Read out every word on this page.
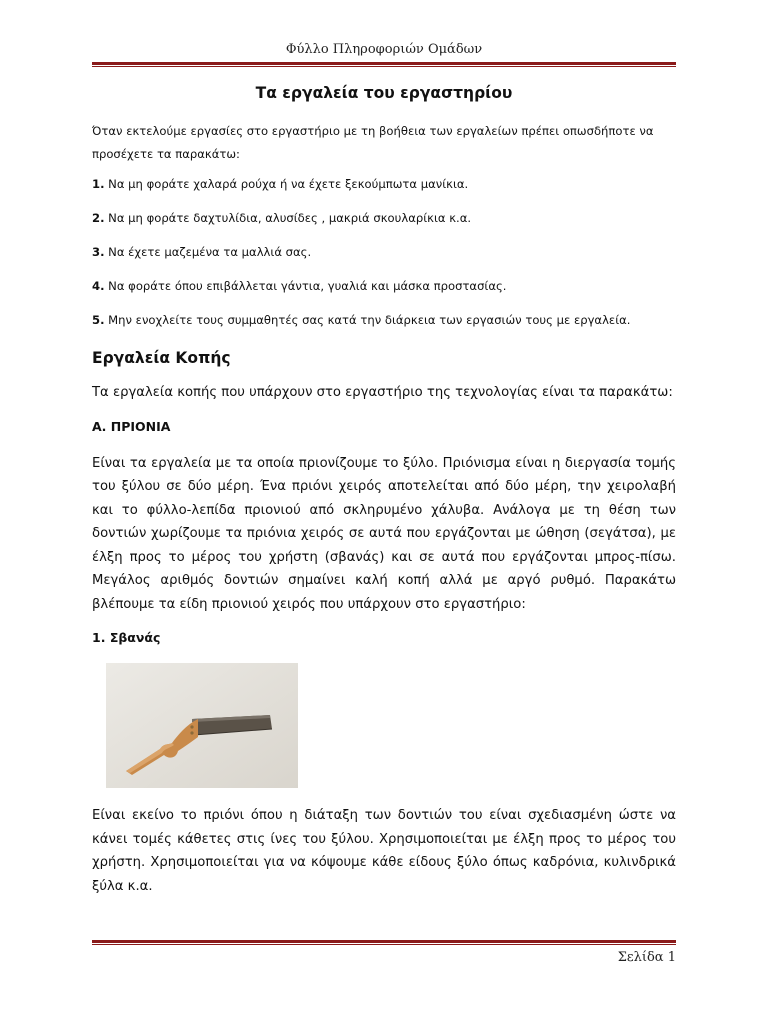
Φύλλο Πληροφοριών Ομάδων
Τα εργαλεία του εργαστηρίου

Όταν εκτελούμε εργασίες στο εργαστήριο με τη βοήθεια των εργαλείων πρέπει οπωσδήποτε να προσέχετε τα παρακάτω:

1. Να μη φοράτε χαλαρά ρούχα ή να έχετε ξεκούμπωτα μανίκια.

2. Να μη φοράτε δαχτυλίδια, αλυσίδες , μακριά σκουλαρίκια κ.α.

3. Να έχετε μαζεμένα τα μαλλιά σας.

4. Να φοράτε όπου επιβάλλεται γάντια, γυαλιά και μάσκα προστασίας.

5. Μην ενοχλείτε τους συμμαθητές σας κατά την διάρκεια των εργασιών τους με εργαλεία.

Εργαλεία Κοπής

Τα εργαλεία κοπής που υπάρχουν στο εργαστήριο της τεχνολογίας είναι τα παρακάτω:

Α. ΠΡΙΟΝΙΑ

Είναι τα εργαλεία με τα οποία πριονίζουμε το ξύλο. Πριόνισμα είναι η διεργασία τομής του ξύλου σε δύο μέρη. Ένα πριόνι χειρός αποτελείται από δύο μέρη, την χειρολαβή και το φύλλο-λεπίδα πριονιού από σκληρυμένο χάλυβα. Ανάλογα με τη θέση των δοντιών χωρίζουμε τα πριόνια χειρός σε αυτά που εργάζονται με ώθηση (σεγάτσα), με έλξη προς το μέρος του χρήστη (σβανάς) και σε αυτά που εργάζονται μπρος-πίσω. Μεγάλος αριθμός δοντιών σημαίνει καλή κοπή αλλά με αργό ρυθμό. Παρακάτω βλέπουμε τα είδη πριονιού χειρός που υπάρχουν στο εργαστήριο:

1. Σβανάς

Είναι εκείνο το πριόνι όπου η διάταξη των δοντιών του είναι σχεδιασμένη ώστε να κάνει τομές κάθετες στις ίνες του ξύλου. Χρησιμοποιείται με έλξη προς το μέρος του χρήστη. Χρησιμοποιείται για να κόψουμε κάθε είδους ξύλο όπως καδρόνια, κυλινδρικά ξύλα κ.α.

Σελίδα 1
